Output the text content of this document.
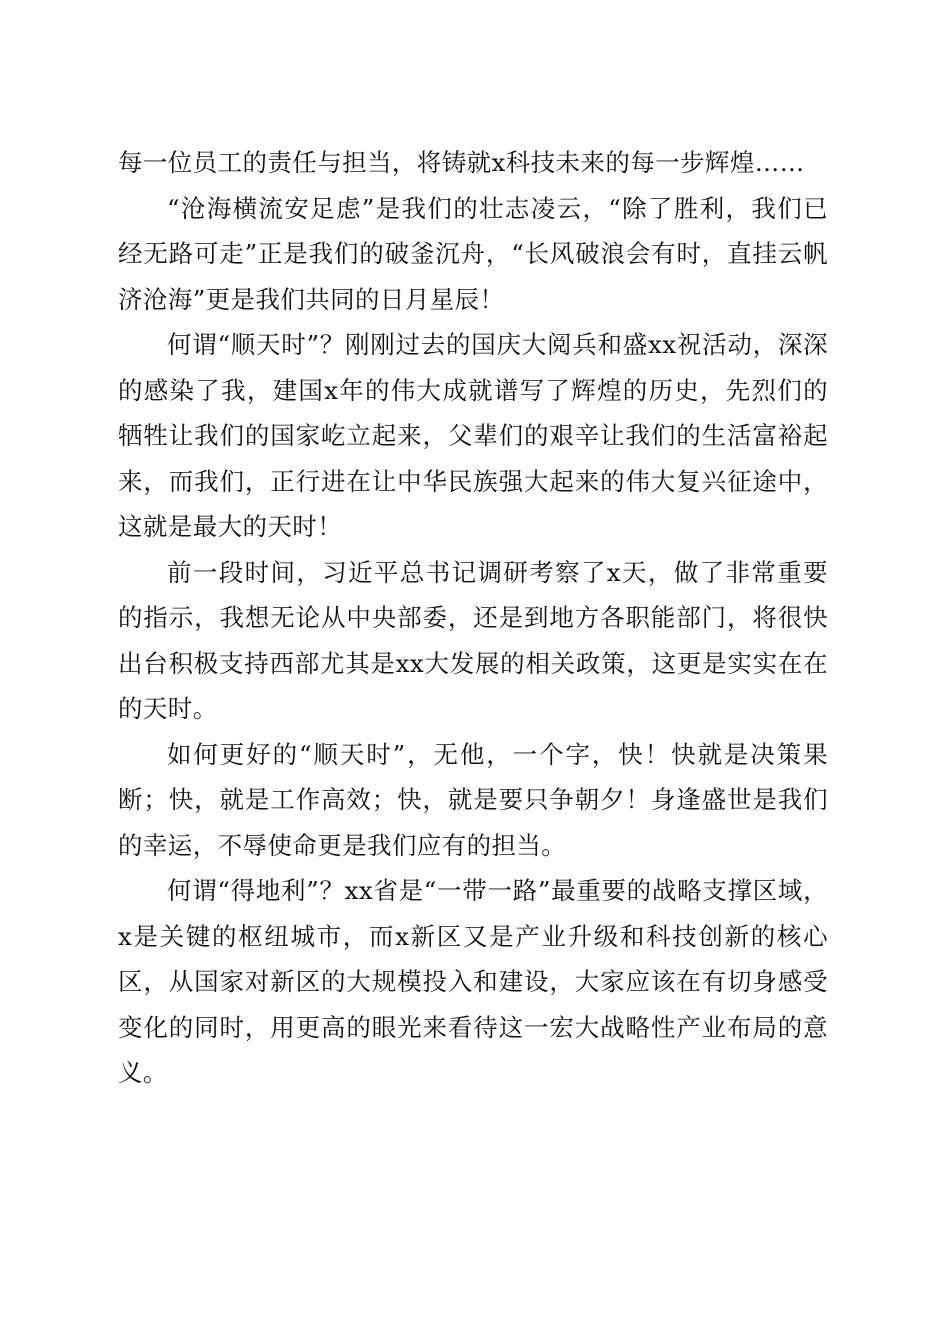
每一位员工的责任与担当，将铸就x科技未来的每一步辉煌……

“沧海横流安足虑”是我们的壮志凌云，“除了胜利，我们已经无路可走”正是我们的破釜沉舟，“长风破浪会有时，直挂云帆济沧海”更是我们共同的日月星辰！

何谓“顺天时”？刚刚过去的国庆大阅兵和盛xx祝活动，深深的感染了我，建国x年的伟大成就谱写了辉煌的历史，先烈们的牺牲让我们的国家屹立起来，父辈们的艰辛让我们的生活富裕起来，而我们，正行进在让中华民族强大起来的伟大复兴征途中，这就是最大的天时！

前一段时间，习近平总书记调研考察了x天，做了非常重要的指示，我想无论从中央部委，还是到地方各职能部门，将很快出台积极支持西部尤其是xx大发展的相关政策，这更是实实在在的天时。

如何更好的“顺天时”，无他，一个字，快！快就是决策果断；快，就是工作高效；快，就是要只争朝夕！身逢盛世是我们的幸运，不辱使命更是我们应有的担当。

何谓“得地利”？xx省是“一带一路”最重要的战略支撑区域，x是关键的枢纽城市，而x新区又是产业升级和科技创新的核心区，从国家对新区的大规模投入和建设，大家应该在有切身感受变化的同时，用更高的眼光来看待这一宏大战略性产业布局的意义。
